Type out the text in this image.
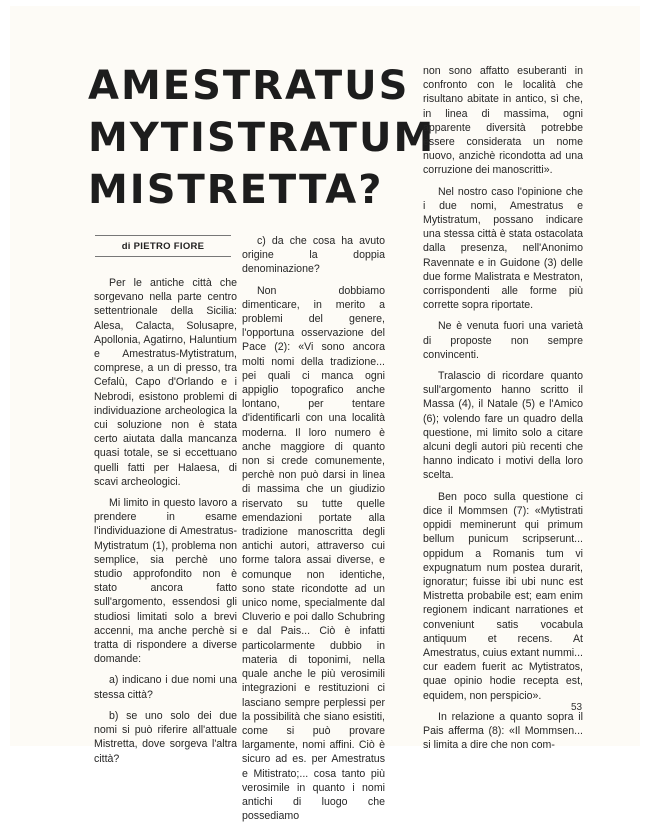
AMESTRATUS
MYTISTRATUM
MISTRETTA?
di PIETRO FIORE

Per le antiche città che sorgevano nella parte centro settentrionale della Sicilia: Alesa, Calacta, Solusapre, Apollonia, Agatirno, Haluntium e Amestratus-Mytistratum, comprese, a un di presso, tra Cefalù, Capo d'Orlando e i Nebrodi, esistono problemi di individuazione archeologica la cui soluzione non è stata certo aiutata dalla mancanza quasi totale, se si eccettuano quelli fatti per Halaesa, di scavi archeologici.

Mi limito in questo lavoro a prendere in esame l'individuazione di Amestratus-Mytistratum (1), problema non semplice, sia perchè uno studio approfondito non è stato ancora fatto sull'argomento, essendosi gli studiosi limitati solo a brevi accenni, ma anche perchè si tratta di rispondere a diverse domande:

a) indicano i due nomi una stessa città?

b) se uno solo dei due nomi si può riferire all'attuale Mistretta, dove sorgeva l'altra città?

c) da che cosa ha avuto origine la doppia denominazione?

Non dobbiamo dimenticare, in merito a problemi del genere, l'opportuna osservazione del Pace (2): «Vi sono ancora molti nomi della tradizione... pei quali ci manca ogni appiglio topografico anche lontano, per tentare d'identificarli con una località moderna. Il loro numero è anche maggiore di quanto non si crede comunemente, perchè non può darsi in linea di massima che un giudizio riservato su tutte quelle emendazioni portate alla tradizione manoscritta degli antichi autori, attraverso cui forme talora assai diverse, e comunque non identiche, sono state ricondotte ad un unico nome, specialmente dal Cluverio e poi dallo Schubring e dal Pais... Ciò è infatti particolarmente dubbio in materia di toponimi, nella quale anche le più verosimili integrazioni e restituzioni ci lasciano sempre perplessi per la possibilità che siano esistiti, come si può provare largamente, nomi affini. Ciò è sicuro ad es. per Amestratus e Mitistrato;... cosa tanto più verosimile in quanto i nomi antichi di luogo che possediamo

non sono affatto esuberanti in confronto con le località che risultano abitate in antico, sì che, in linea di massima, ogni apparente diversità potrebbe essere considerata un nome nuovo, anzichè ricondotta ad una corruzione dei manoscritti».

Nel nostro caso l'opinione che i due nomi, Amestratus e Mytistratum, possano indicare una stessa città è stata ostacolata dalla presenza, nell'Anonimo Ravennate e in Guidone (3) delle due forme Malistrata e Mestraton, corrispondenti alle forme più corrette sopra riportate.

Ne è venuta fuori una varietà di proposte non sempre convincenti.

Tralascio di ricordare quanto sull'argomento hanno scritto il Massa (4), il Natale (5) e l'Amico (6); volendo fare un quadro della questione, mi limito solo a citare alcuni degli autori più recenti che hanno indicato i motivi della loro scelta.

Ben poco sulla questione ci dice il Mommsen (7): «Mytistrati oppidi meminerunt qui primum bellum punicum scripserunt... oppidum a Romanis tum vi expugnatum num postea durarit, ignoratur; fuisse ibi ubi nunc est Mistretta probabile est; eam enim regionem indicant narrationes et conveniunt satis vocabula antiquum et recens. At Amestratus, cuius extant nummi... cur eadem fuerit ac Mytistratos, quae opinio hodie recepta est, equidem, non perspicio».

In relazione a quanto sopra il Pais afferma (8): «Il Mommsen... si limita a dire che non com-

53
